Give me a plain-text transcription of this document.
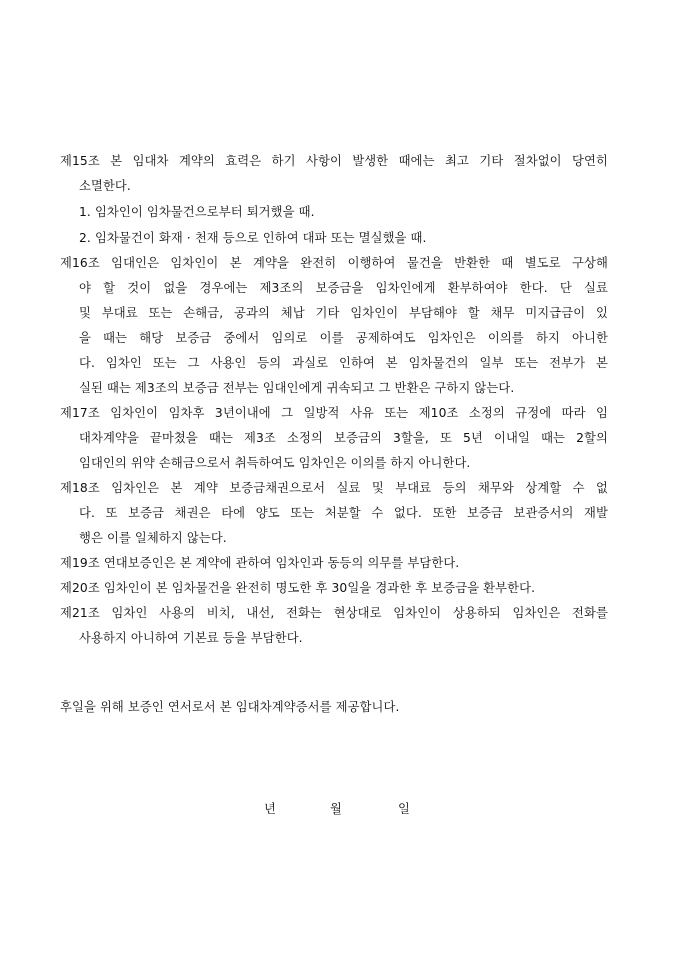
제15조 본 임대차 계약의 효력은 하기 사항이 발생한 때에는 최고 기타 절차없이 당연히
소멸한다.
1. 임차인이 임차물건으로부터 퇴거했을 때.
2. 임차물건이 화재 · 천재 등으로 인하여 대파 또는 멸실했을 때.
제16조 임대인은 임차인이 본 계약을 완전히 이행하여 물건을 반환한 때 별도로 구상해
야 할 것이 없을 경우에는 제3조의 보증금을 임차인에게 환부하여야 한다. 단 실료
및 부대료 또는 손해금, 공과의 체납 기타 임차인이 부담해야 할 채무 미지급금이 있
을 때는 해당 보증금 중에서 임의로 이를 공제하여도 임차인은 이의를 하지 아니한
다. 임차인 또는 그 사용인 등의 과실로 인하여 본 임차물건의 일부 또는 전부가 본
실된 때는 제3조의 보증금 전부는 임대인에게 귀속되고 그 반환은 구하지 않는다.
제17조 임차인이 임차후 3년이내에 그 일방적 사유 또는 제10조 소정의 규정에 따라 임
대차계약을 끝마쳤을 때는 제3조 소정의 보증금의 3할을, 또 5년 이내일 때는 2할의
임대인의 위약 손해금으로서 취득하여도 임차인은 이의를 하지 아니한다.
제18조 임차인은 본 계약 보증금채권으로서 실료 및 부대료 등의 채무와 상계할 수 없
다. 또 보증금 채권은 타에 양도 또는 처분할 수 없다. 또한 보증금 보관증서의 재발
행은 이를 일체하지 않는다.
제19조 연대보증인은 본 계약에 관하여 임차인과 동등의 의무를 부담한다.
제20조 임차인이 본 임차물건을 완전히 명도한 후 30일을 경과한 후 보증금을 환부한다.
제21조 임차인 사용의 비치, 내선, 전화는 현상대로 임차인이 상용하되 임차인은 전화를
사용하지 아니하여 기본료 등을 부담한다.
후일을 위해 보증인 연서로서 본 임대차계약증서를 제공합니다.
년	월	일
